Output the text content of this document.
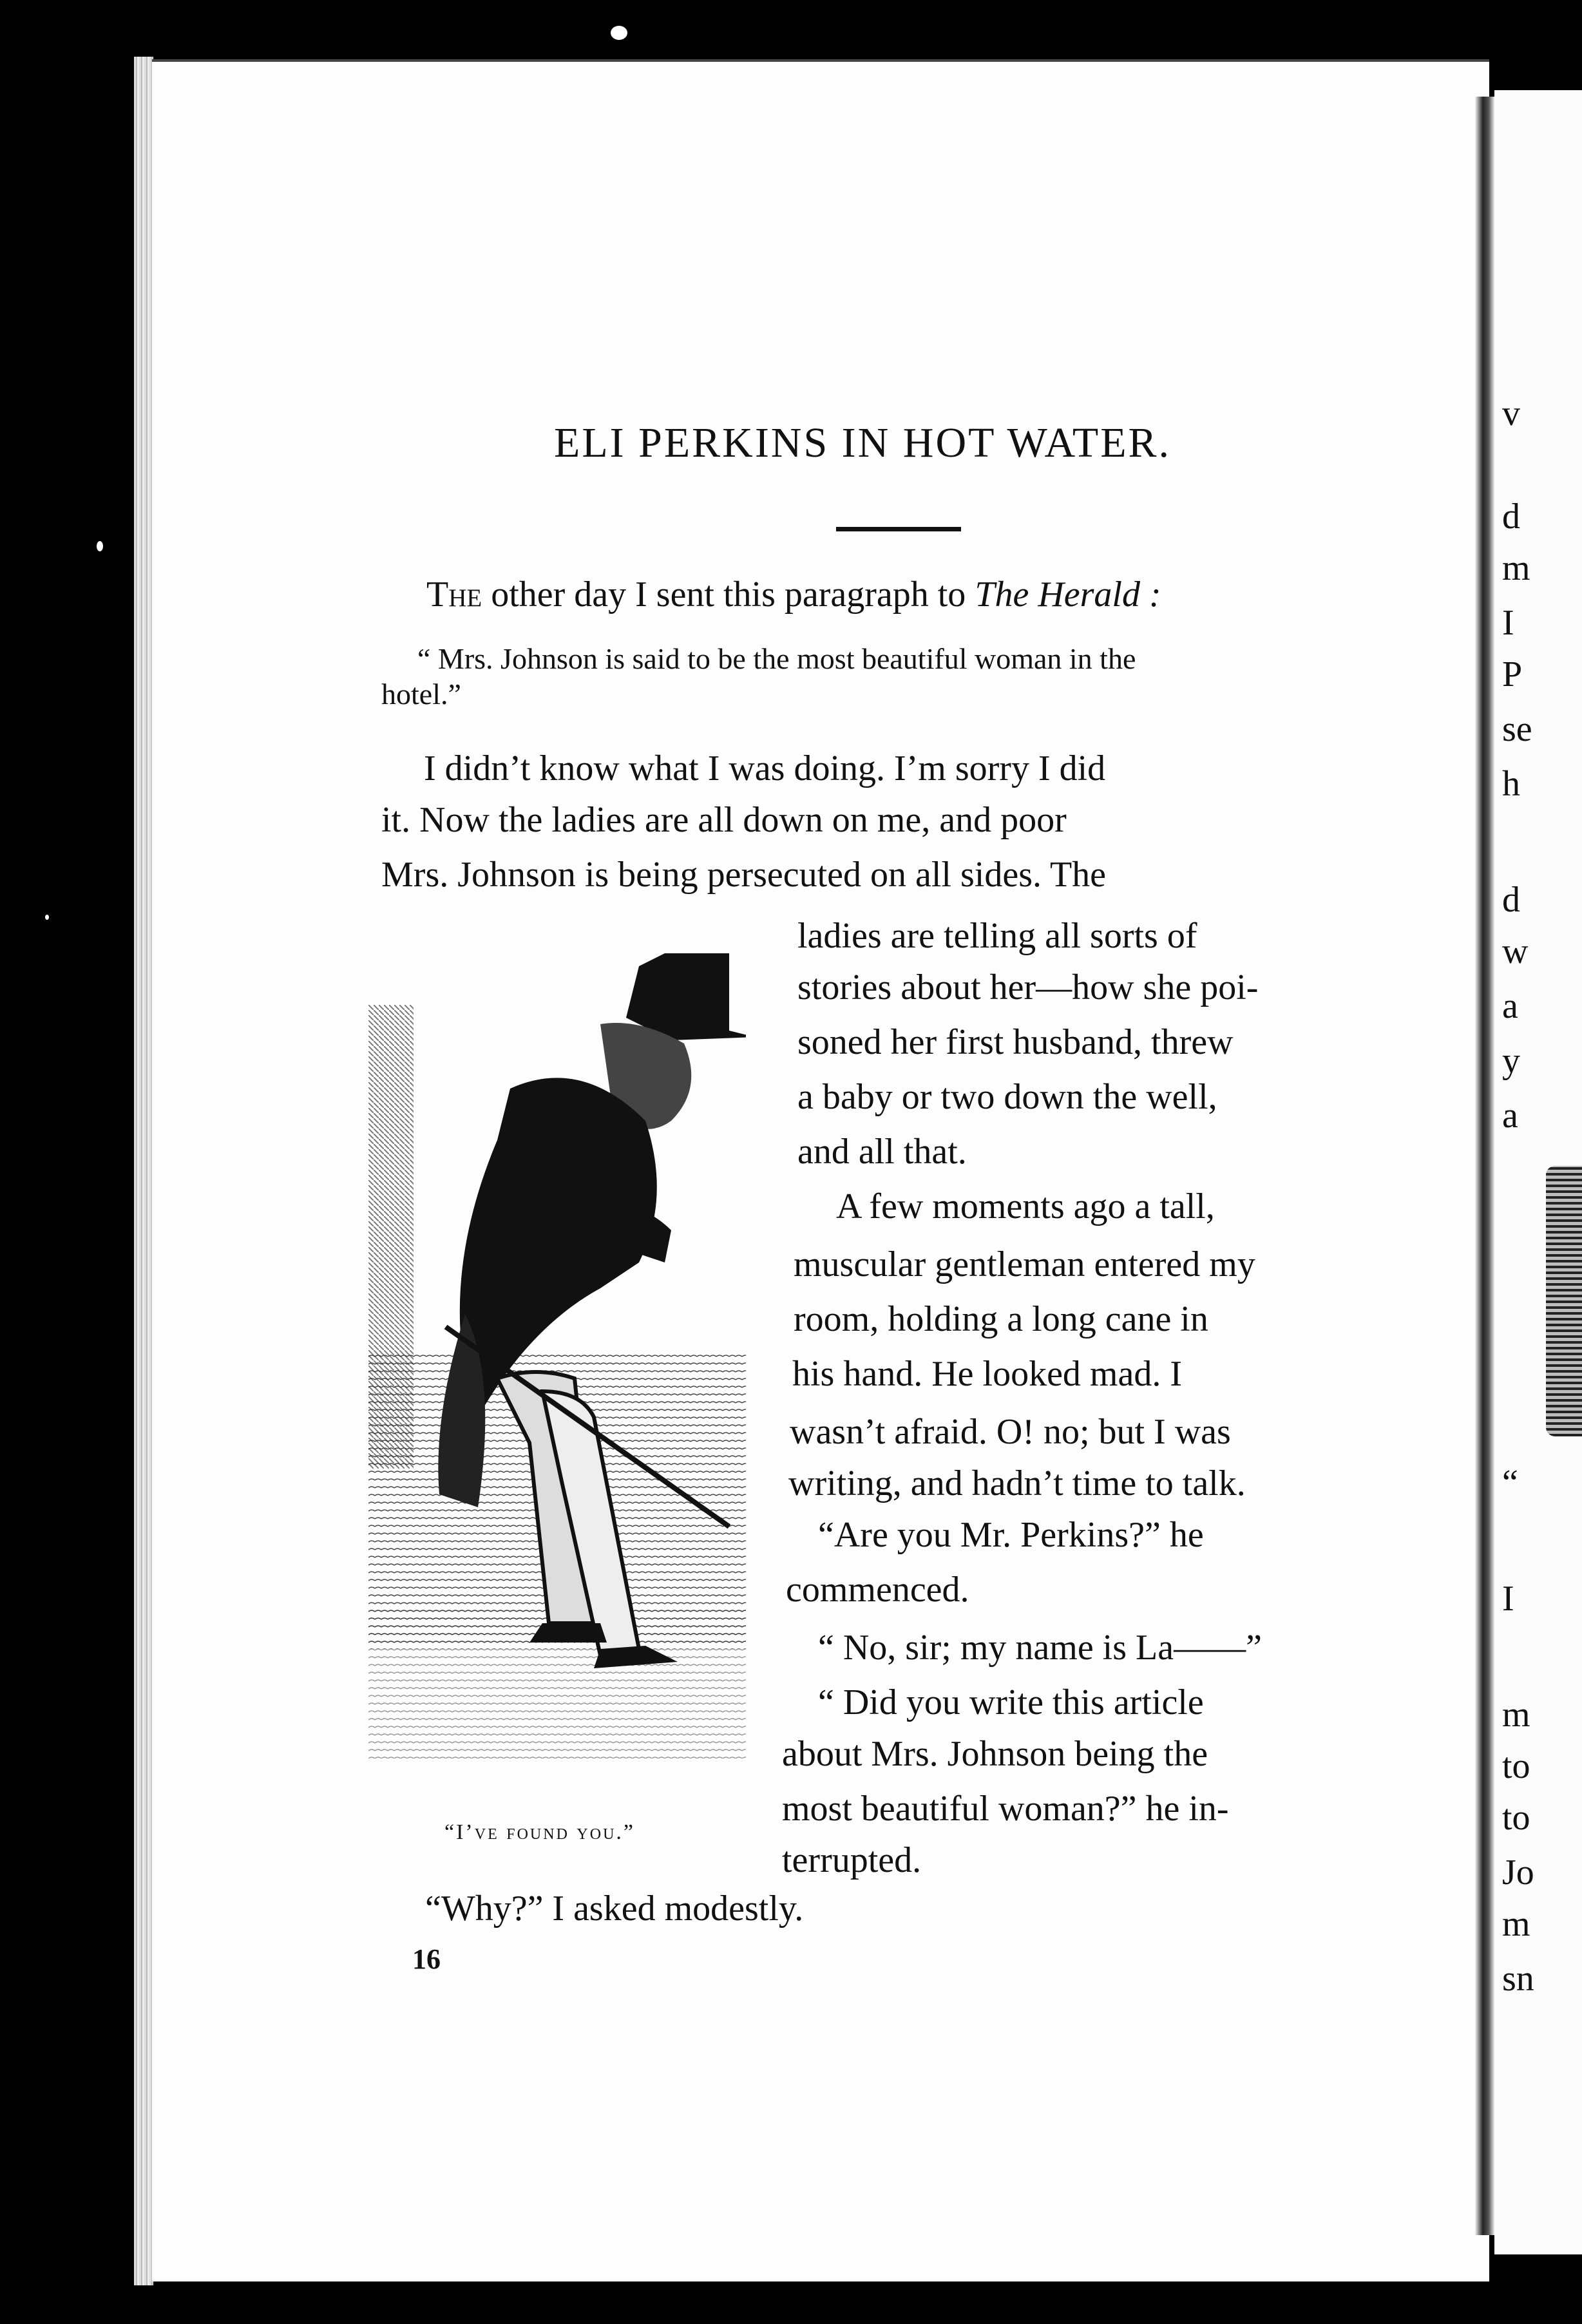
v
d
m
I
P
se
h
d
w
a
y
a
“
I
m
to
to
Jo
m
sn
ELI PERKINS IN HOT WATER.
The other day I sent this paragraph to The Herald :
“ Mrs. Johnson is said to be the most beautiful woman in the
hotel.”
I didn’t know what I was doing. I’m sorry I did
it. Now the ladies are all down on me, and poor
Mrs. Johnson is being persecuted on all sides. The
ladies are telling all sorts of
stories about her—how she poi-
soned her first husband, threw
a baby or two down the well,
and all that.
A few moments ago a tall,
muscular gentleman entered my
room, holding a long cane in
his hand. He looked mad. I
wasn’t afraid. O! no; but I was
writing, and hadn’t time to talk.
“Are you Mr. Perkins?” he
commenced.
“ No, sir; my name is La——”
“ Did you write this article
about Mrs. Johnson being the
most beautiful woman?” he in-
terrupted.
“Why?” I asked modestly.
“I’ve found you.”
16
